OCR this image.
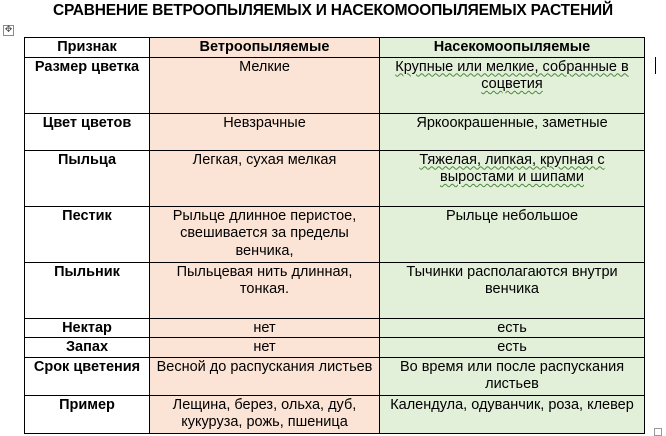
СРАВНЕНИЕ ВЕТРООПЫЛЯЕМЫХ И НАСЕКОМООПЫЛЯЕМЫХ РАСТЕНИЙ
✥
Признак	Ветроопыляемые	Насекомоопыляемые
Размер цветка	Мелкие	Крупные или мелкие, собранные в соцветия
Цвет цветов	Невзрачные	Яркоокрашенные, заметные
Пыльца	Легкая, сухая мелкая	Тяжелая, липкая, крупная с выростами и шипами
Пестик	Рыльце длинное перистое, свешивается за пределы венчика,	Рыльце небольшое
Пыльник	Пыльцевая нить длинная, тонкая.	Тычинки располагаются внутри венчика
Нектар	нет	есть
Запах	нет	есть
Срок цветения	Весной до распускания листьев	Во время или после распускания листьев
Пример	Лещина, берез, ольха, дуб, кукуруза, рожь, пшеница	Календула, одуванчик, роза, клевер
